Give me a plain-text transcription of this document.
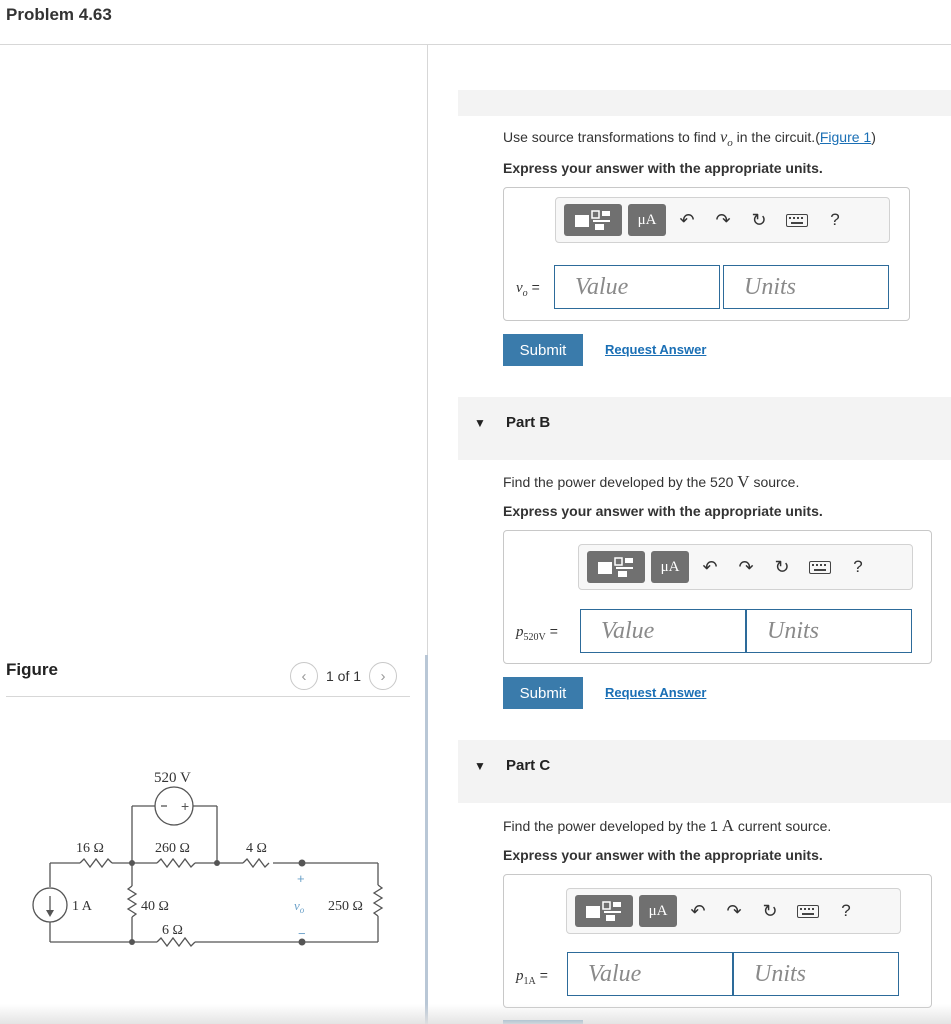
Problem 4.63
Figure	‹	1 of 1	›
+
520 V
16 Ω	260 Ω	4 Ω
1 A	40 Ω
6 Ω
+
$v_o$
−
250 Ω
Use source transformations to find $v_o$ in the circuit.(Figure 1)
Express your answer with the appropriate units.
μA	↶	↷	↻	?
$v_o$ =	Value	Units
Submit	Request Answer
▼ Part B
Find the power developed by the 520 V source.
Express your answer with the appropriate units.
μA	↶	↷	↻	?
$p_{520V}$ =	Value	Units
Submit	Request Answer
▼ Part C
Find the power developed by the 1 A current source.
Express your answer with the appropriate units.
μA	↶	↷	↻	?
$p_{1A}$ =	Value	Units
